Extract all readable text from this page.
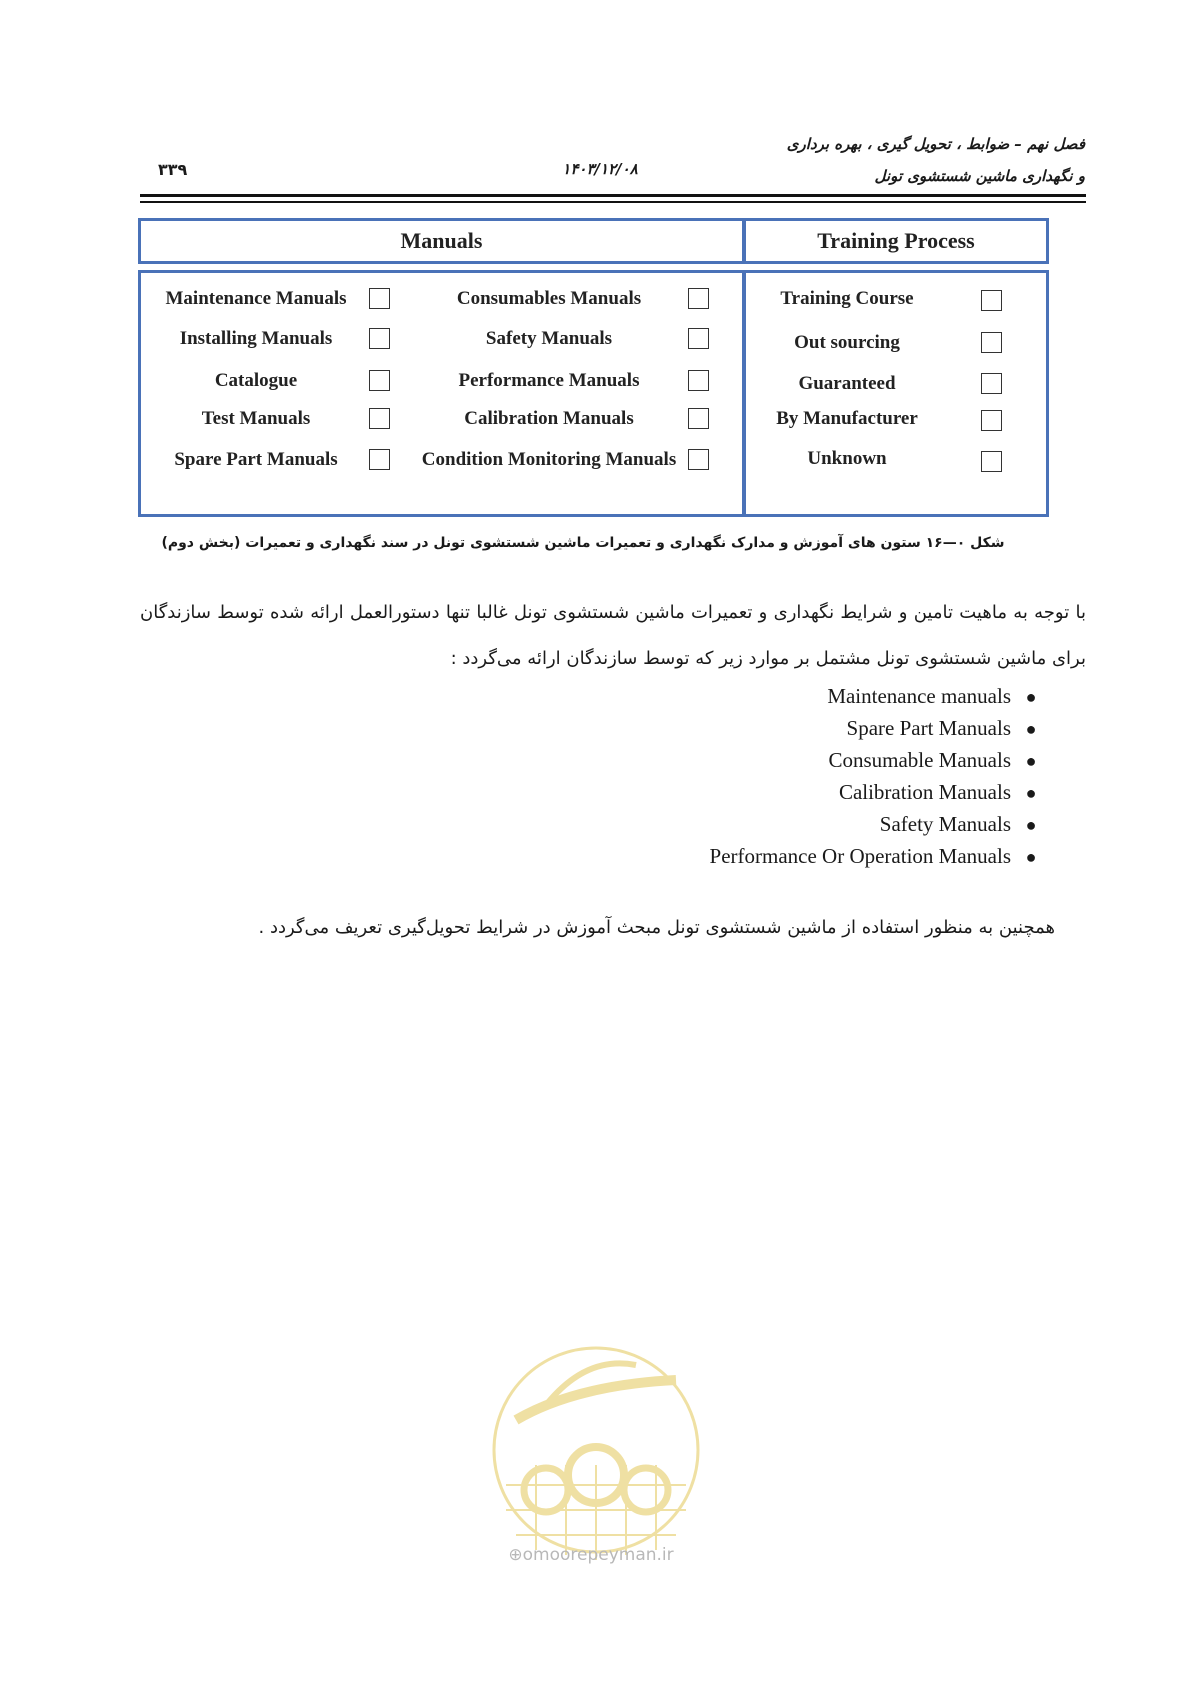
فصل نهم – ضوابط ، تحویل گیری ، بهره برداری
و نگهداری ماشین شستشوی تونل
۱۴۰۳/۱۲/۰۸
۳۳۹
Manuals	Training Process
Maintenance Manuals
Installing Manuals
Catalogue
Test Manuals
Spare Part Manuals
Consumables Manuals
Safety Manuals
Performance Manuals
Calibration Manuals
Condition Monitoring Manuals
Training Course
Out sourcing
Guaranteed
By Manufacturer
Unknown
شکل ۰—۱۶ ستون های آموزش و مدارک نگهداری و تعمیرات ماشین شستشوی تونل در سند نگهداری و تعمیرات (بخش دوم)
با توجه به ماهیت تامین و شرایط نگهداری و تعمیرات ماشین شستشوی تونل غالبا تنها دستورالعمل ارائه شده توسط سازندگان برای ماشین شستشوی تونل مشتمل بر موارد زیر که توسط سازندگان ارائه می‌گردد :
Maintenance manuals ●
Spare Part Manuals ●
Consumable Manuals ●
Calibration Manuals ●
Safety Manuals ●
Performance Or Operation Manuals ●
همچنین به منظور استفاده از ماشین شستشوی تونل مبحث آموزش در شرایط تحویل‌گیری تعریف می‌گردد .
⊕omoorepeyman.ir
